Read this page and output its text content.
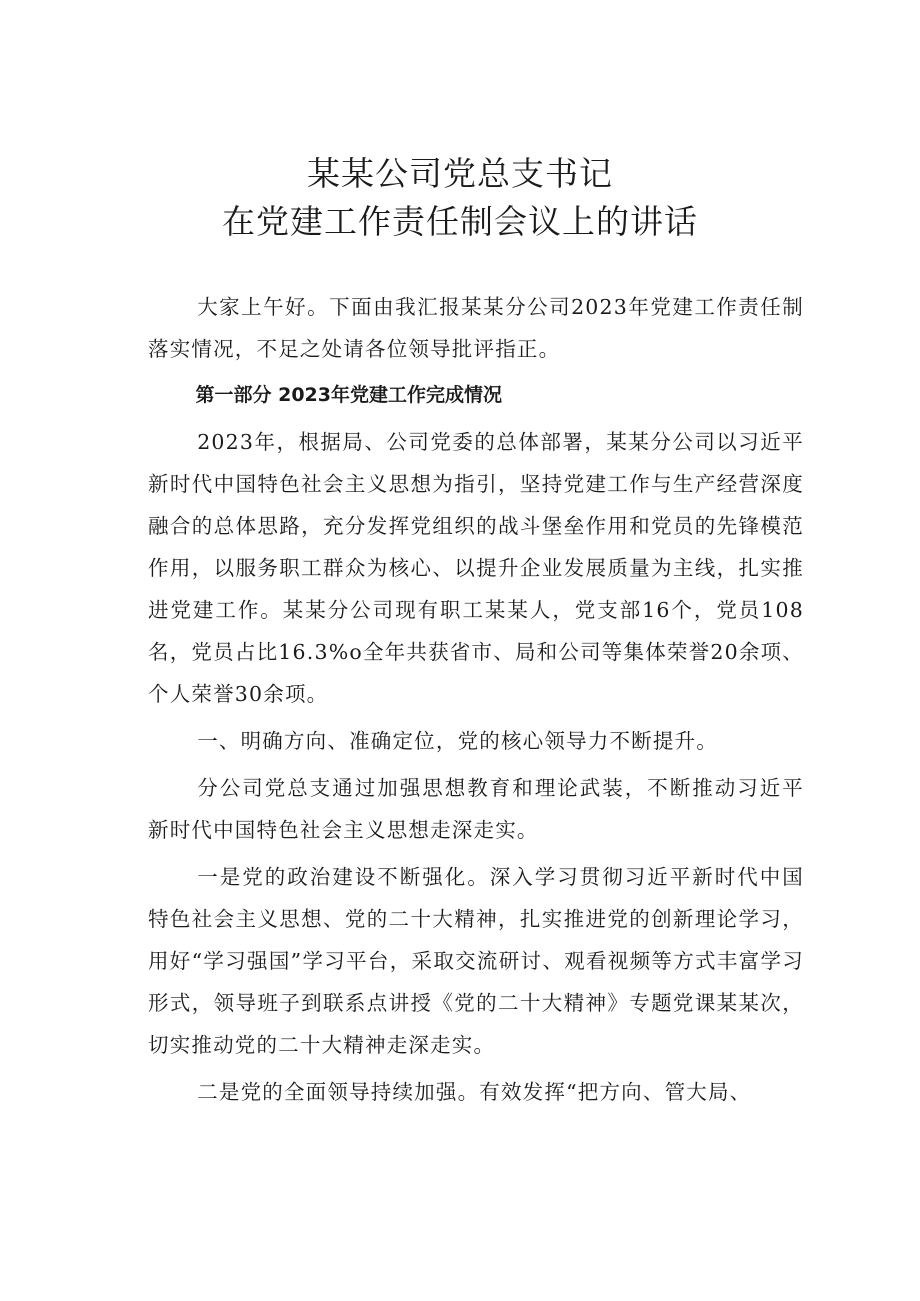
某某公司党总支书记
在党建工作责任制会议上的讲话

大家上午好。下面由我汇报某某分公司2023年党建工作责任制落实情况，不足之处请各位领导批评指正。

第一部分 2023年党建工作完成情况

2023年，根据局、公司党委的总体部署，某某分公司以习近平新时代中国特色社会主义思想为指引，坚持党建工作与生产经营深度融合的总体思路，充分发挥党组织的战斗堡垒作用和党员的先锋模范作用，以服务职工群众为核心、以提升企业发展质量为主线，扎实推进党建工作。某某分公司现有职工某某人，党支部16个，党员108名，党员占比16.3%o全年共获省市、局和公司等集体荣誉20余项、个人荣誉30余项。

一、明确方向、准确定位，党的核心领导力不断提升。

分公司党总支通过加强思想教育和理论武装，不断推动习近平新时代中国特色社会主义思想走深走实。

一是党的政治建设不断强化。深入学习贯彻习近平新时代中国特色社会主义思想、党的二十大精神，扎实推进党的创新理论学习，用好“学习强国”学习平台，采取交流研讨、观看视频等方式丰富学习形式，领导班子到联系点讲授《党的二十大精神》专题党课某某次，切实推动党的二十大精神走深走实。

二是党的全面领导持续加强。有效发挥“把方向、管大局、
